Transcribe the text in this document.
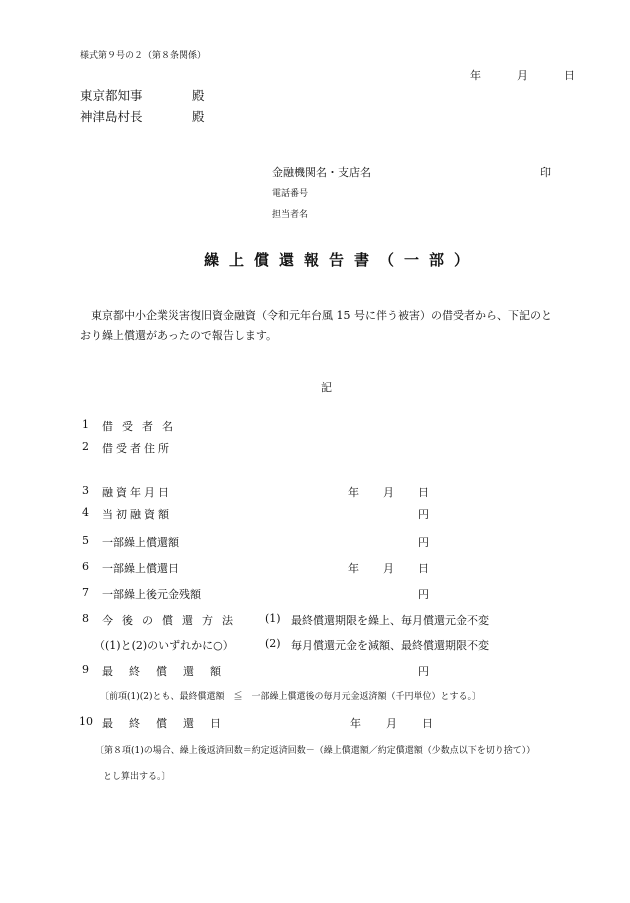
様式第９号の２（第８条関係）
年	月	日
東京都知事	殿
神津島村長	殿
金融機関名・支店名	印
電話番号
担当者名
繰上償還報告書（一部）
東京都中小企業災害復旧資金融資（令和元年台風 15 号に伴う被害）の借受者から、下記のと
おり繰上償還があったので報告します。
記
1 借受者名
2 借受者住所
3 融資年月日	年 月 日
4 当初融資額	円
5 一部繰上償還額	円
6 一部繰上償還日	年 月 日
7 一部繰上後元金残額	円
8 今後の償還方法 (1) 最終償還期限を繰上、毎月償還元金不変
（(1)と(2)のいずれかに○）	(2) 毎月償還元金を減額、最終償還期限不変
9 最終償還額	円
〔前項(1)(2)とも、最終償還額　≦　一部繰上償還後の毎月元金返済額（千円単位）とする。〕
10 最終償還日	年 月 日
〔第８項(1)の場合、繰上後返済回数＝約定返済回数－（繰上償還額／約定償還額（少数点以下を切り捨て））
とし算出する。〕
